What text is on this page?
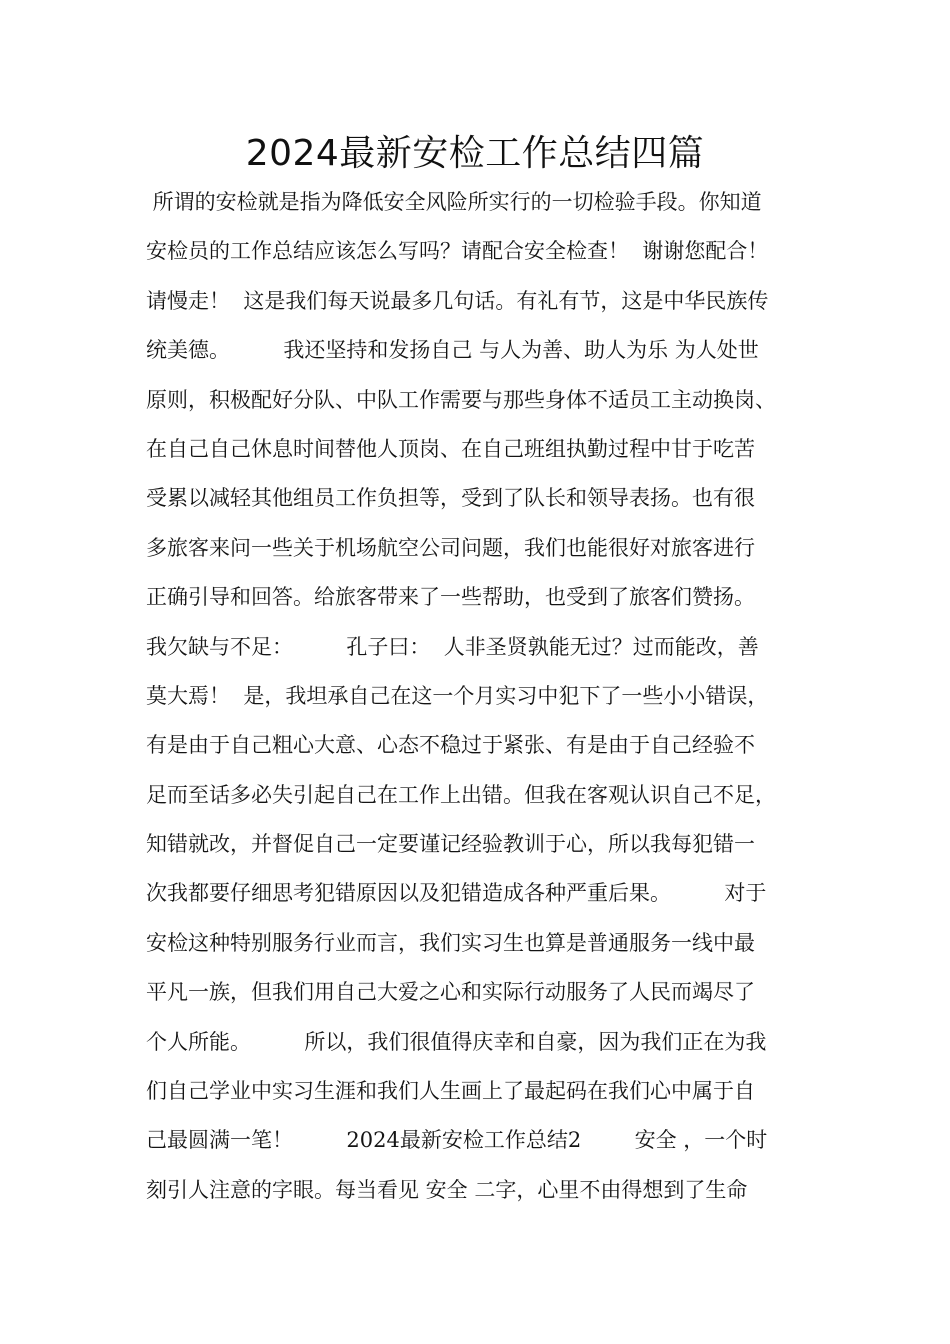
2024最新安检工作总结四篇
所谓的安检就是指为降低安全风险所实行的一切检验手段。你知道
安检员的工作总结应该怎么写吗？请配合安全检查！  谢谢您配合！
请慢走！  这是我们每天说最多几句话。有礼有节，这是中华民族传
统美德。        我还坚持和发扬自己 与人为善、助人为乐 为人处世
原则，积极配好分队、中队工作需要与那些身体不适员工主动换岗、
在自己自己休息时间替他人顶岗、在自己班组执勤过程中甘于吃苦
受累以减轻其他组员工作负担等，受到了队长和领导表扬。也有很
多旅客来问一些关于机场航空公司问题，我们也能很好对旅客进行
正确引导和回答。给旅客带来了一些帮助，也受到了旅客们赞扬。
我欠缺与不足：        孔子曰：  人非圣贤孰能无过？过而能改，善
莫大焉！  是，我坦承自己在这一个月实习中犯下了一些小小错误，
有是由于自己粗心大意、心态不稳过于紧张、有是由于自己经验不
足而至话多必失引起自己在工作上出错。但我在客观认识自己不足，
知错就改，并督促自己一定要谨记经验教训于心，所以我每犯错一
次我都要仔细思考犯错原因以及犯错造成各种严重后果。        对于
安检这种特别服务行业而言，我们实习生也算是普通服务一线中最
平凡一族，但我们用自己大爱之心和实际行动服务了人民而竭尽了
个人所能。        所以，我们很值得庆幸和自豪，因为我们正在为我
们自己学业中实习生涯和我们人生画上了最起码在我们心中属于自
己最圆满一笔！        2024最新安检工作总结2        安全 ，一个时
刻引人注意的字眼。每当看见 安全 二字，心里不由得想到了生命
